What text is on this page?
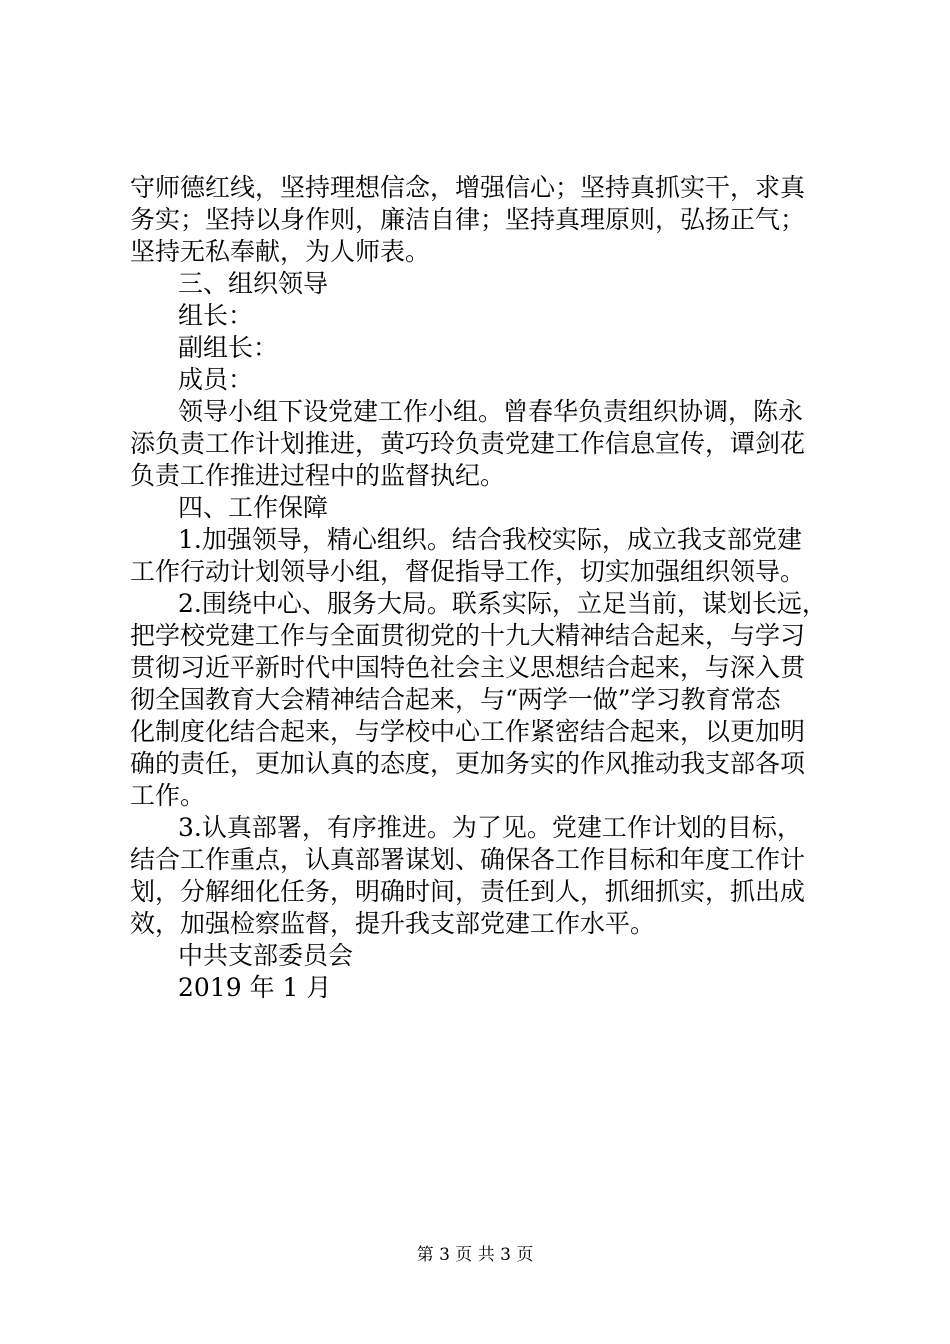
守师德红线，坚持理想信念，增强信心；坚持真抓实干，求真
务实；坚持以身作则，廉洁自律；坚持真理原则，弘扬正气；
坚持无私奉献，为人师表。
三、组织领导
组长：
副组长：
成员：
领导小组下设党建工作小组。曾春华负责组织协调，陈永
添负责工作计划推进，黄巧玲负责党建工作信息宣传，谭剑花
负责工作推进过程中的监督执纪。
四、工作保障
1.加强领导，精心组织。结合我校实际，成立我支部党建
工作行动计划领导小组，督促指导工作，切实加强组织领导。
2.围绕中心、服务大局。联系实际，立足当前，谋划长远，
把学校党建工作与全面贯彻党的十九大精神结合起来，与学习
贯彻习近平新时代中国特色社会主义思想结合起来，与深入贯
彻全国教育大会精神结合起来，与“两学一做”学习教育常态
化制度化结合起来，与学校中心工作紧密结合起来，以更加明
确的责任，更加认真的态度，更加务实的作风推动我支部各项
工作。
3.认真部署，有序推进。为了见。党建工作计划的目标，
结合工作重点，认真部署谋划、确保各工作目标和年度工作计
划，分解细化任务，明确时间，责任到人，抓细抓实，抓出成
效，加强检察监督，提升我支部党建工作水平。
中共支部委员会
2019 年 1 月
第 3 页 共 3 页
